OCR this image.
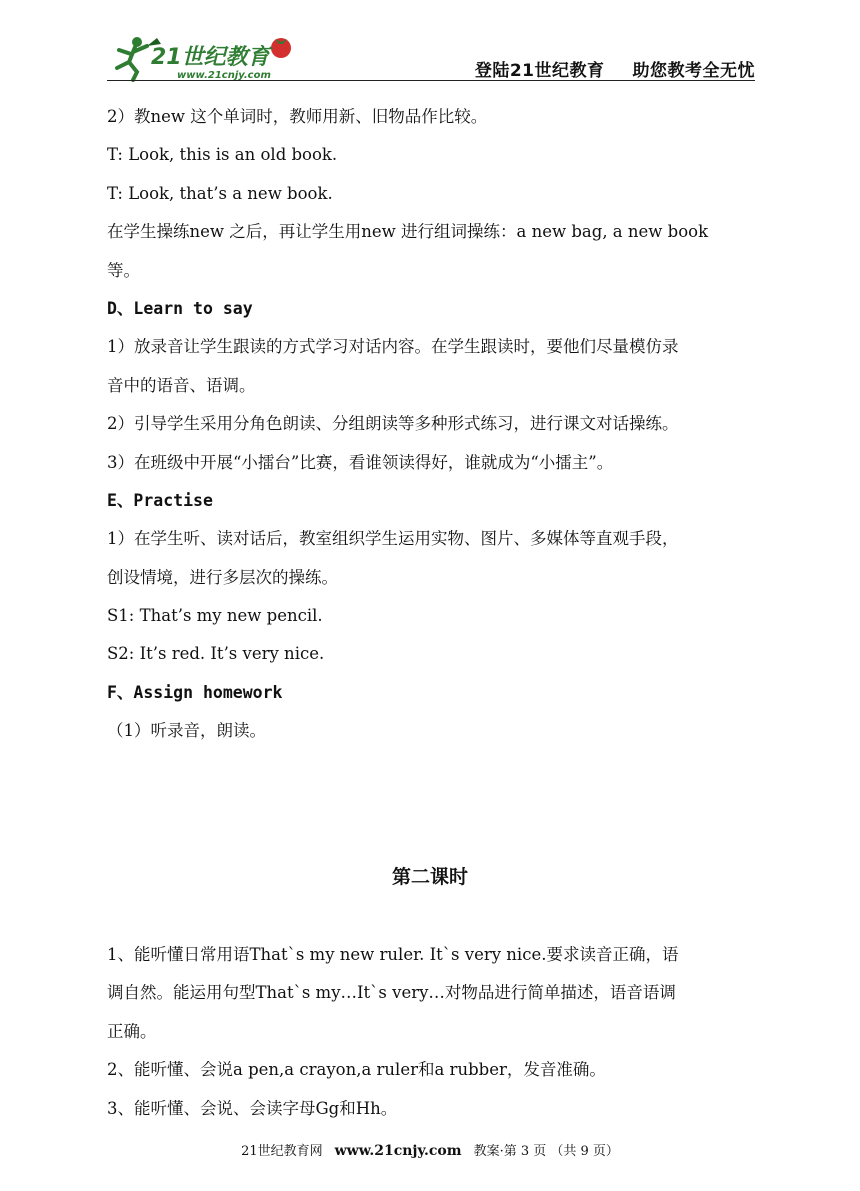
21世纪教育
www.21cnjy.com	登陆21世纪教育 助您教考全无忧
2）教new 这个单词时，教师用新、旧物品作比较。
T: Look, this is an old book.
T: Look, that’s a new book.
在学生操练new 之后，再让学生用new 进行组词操练：a new bag, a new book
等。
D、Learn to say
1）放录音让学生跟读的方式学习对话内容。在学生跟读时，要他们尽量模仿录
音中的语音、语调。
2）引导学生采用分角色朗读、分组朗读等多种形式练习，进行课文对话操练。
3）在班级中开展“小擂台”比赛，看谁领读得好，谁就成为“小擂主”。
E、Practise
1）在学生听、读对话后，教室组织学生运用实物、图片、多媒体等直观手段，
创设情境，进行多层次的操练。
S1: That’s my new pencil.
S2: It’s red. It’s very nice.
F、Assign homework
（1）听录音，朗读。
第二课时
1、能听懂日常用语That`s my new ruler. It`s very nice.要求读音正确，语
调自然。能运用句型That`s my…It`s very…对物品进行简单描述，语音语调
正确。
2、能听懂、会说a pen,a crayon,a ruler和a rubber，发音准确。
3、能听懂、会说、会读字母Gg和Hh。
21世纪教育网 www.21cnjy.com 教案·第 3 页 （共 9 页）
